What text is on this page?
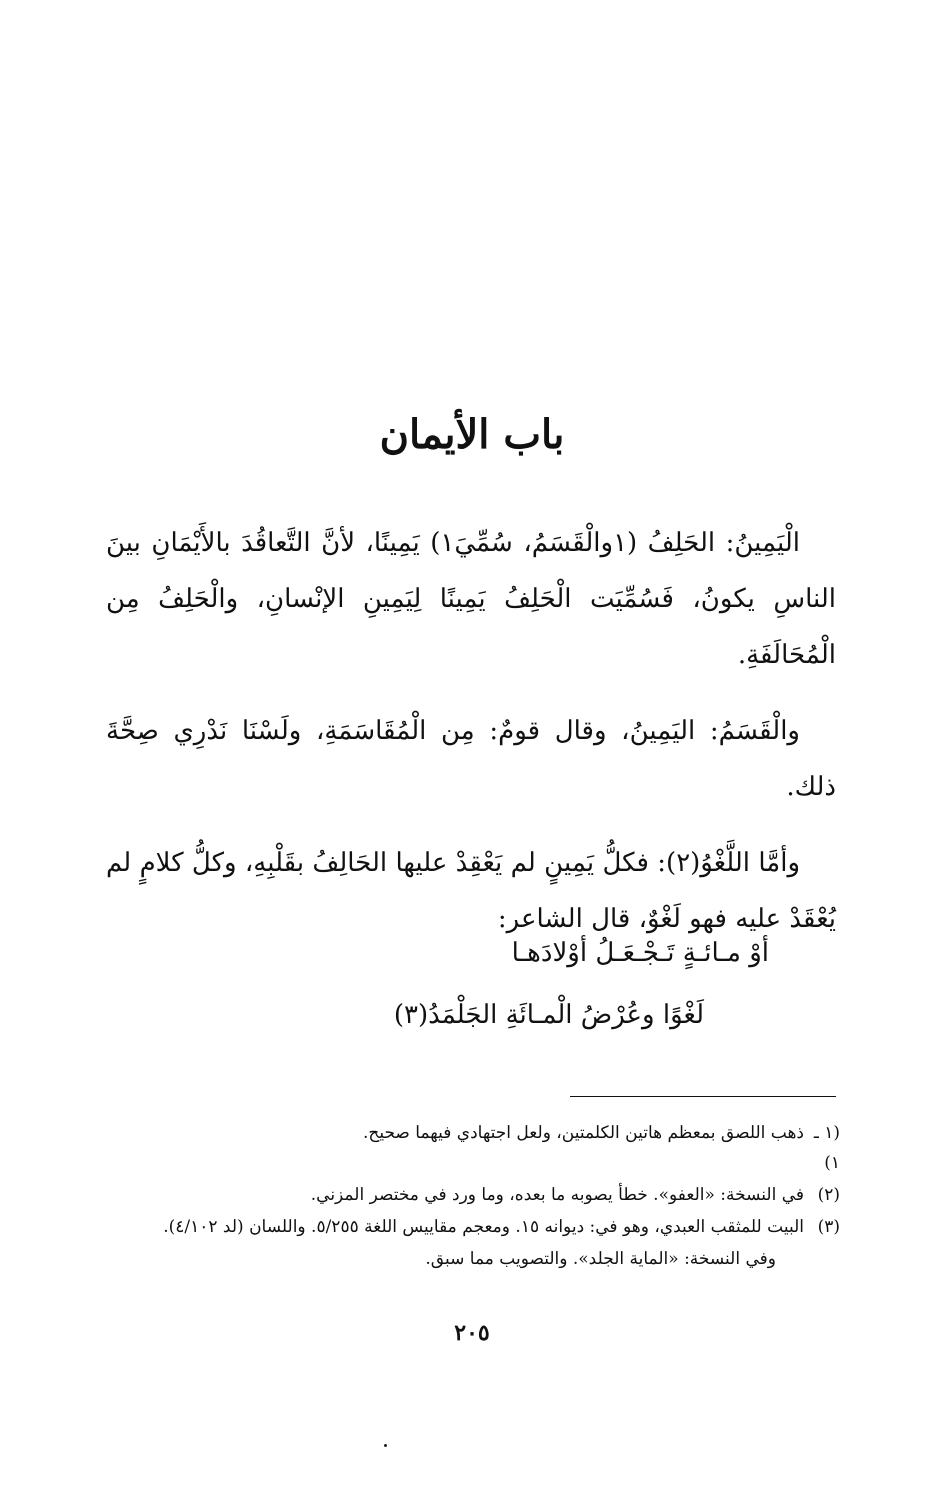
باب الأيمان

الْيَمِينُ: الحَلِفُ (١والْقَسَمُ، سُمِّيَ١) يَمِينًا، لأنَّ التَّعاقُدَ بالأَيْمَانِ بينَ الناسِ يكونُ، فَسُمِّيَت الْحَلِفُ يَمِينًا لِيَمِينِ الإنْسانِ، والْحَلِفُ مِن الْمُحَالَفَةِ.

والْقَسَمُ: اليَمِينُ، وقال قومٌ: مِن الْمُقَاسَمَةِ، ولَسْنَا نَدْرِي صِحَّةَ ذلك.

وأمَّا اللَّغْوُ(٢): فكلُّ يَمِينٍ لم يَعْقِدْ عليها الحَالِفُ بقَلْبِهِ، وكلُّ كلامٍ لم يُعْقَدْ عليه فهو لَغْوٌ، قال الشاعر:

أوْ مـائـةٍ تَـجْـعَـلُ أوْلادَهـا
لَغْوًا وعُرْضُ الْمـائَةِ الجَلْمَدُ(٣)
(١ ـ ١)
ذهب اللصق بمعظم هاتين الكلمتين، ولعل اجتهادي فيهما صحيح.
(٢)
في النسخة: «العفو». خطأ يصوبه ما بعده، وما ورد في مختصر المزني.
(٣)
البيت للمثقب العبدي، وهو في: ديوانه ١٥. ومعجم مقاييس اللغة ٥/٢٥٥. واللسان (لد ٤/١٠٢).
وفي النسخة: «الماية الجلد». والتصويب مما سبق.
٢٠٥
